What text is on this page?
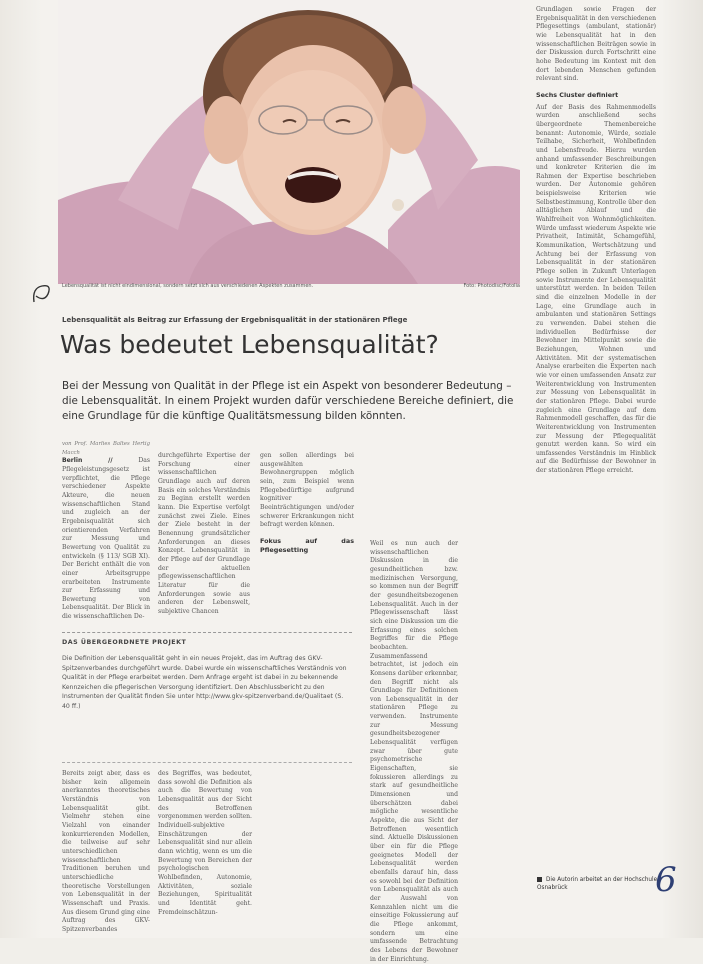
Lebensqualität ist nicht eindimensional, sondern setzt sich aus verschiedenen Aspekten zusammen.	Foto: Photodisc/Fotolia
Lebensqualität als Beitrag zur Erfassung der Ergebnisqualität in der stationären Pflege
Was bedeutet Lebensqualität?
Bei der Messung von Qualität in der Pflege ist ein Aspekt von besonderer Bedeutung – die Lebensqualität. In einem Projekt wurden dafür verschiedene Bereiche definiert, die eine Grundlage für die künftige Qualitätsmessung bilden könnten.

von Prof. Marlies Baltes Hertig Macch

Berlin //	Das Pflegeleistungsgesetz ist verpflichtet, die Pflege verschiedener Aspekte Akteure, die neuen wissenschaftlichen Stand und zugleich an der Ergebnisqualität sich orientierenden Verfahren zur Messung und Bewertung von Qualität zu entwickeln (§ 113/ SGB XI). Der Bericht enthält die von einer Arbeitsgruppe erarbeiteten Instrumente zur Erfassung und Bewertung von Lebensqualität. Der Blick in die wissenschaftlichen De-

durchgeführte Expertise der Forschung einer wissenschaftlichen Grundlage auch auf deren Basis ein solches Verständnis zu Beginn erstellt werden kann. Die Expertise verfolgt zunächst zwei Ziele. Eines der Ziele besteht in der Benennung grundsätzlicher Anforderungen an dieses Konzept. Lebensqualität in der Pflege auf der Grundlage der aktuellen pflegewissenschaftlichen Literatur für die Anforderungen sowie aus anderen der Lebenswelt, subjektive Chancen

DAS ÜBERGEORDNETE PROJEKT
Die Definition der Lebensqualität geht in ein neues Projekt, das im Auftrag des GKV-Spitzenverbandes durchgeführt wurde. Dabei wurde ein wissenschaftliches Verständnis von Qualität in der Pflege erarbeitet werden. Dem Anfrage ergeht ist dabei in zu bekennende Kennzeichen die pflegerischen Versorgung identifiziert. Den Abschlussbericht zu den Instrumenten der Qualität finden Sie unter http://www.gkv-spitzenverband.de/Qualitaet (S. 40 ff.)

Bereits zeigt aber, dass es bisher kein allgemein anerkanntes theoretisches Verständnis von Lebensqualität gibt. Vielmehr stehen eine Vielzahl von einander konkurrierenden Modellen, die teilweise auf sehr unterschiedlichen wissenschaftlichen Traditionen beruhen und unterschiedliche theoretische Vorstellungen von Lebensqualität in der Wissenschaft und Praxis. Aus diesem Grund ging eine Auftrag des GKV-Spitzenverbandes

des Begriffes, was bedeutet, dass sowohl die Definition als auch die Bewertung von Lebensqualität aus der Sicht des Betroffenen vorgenommen werden sollten. Individuell-subjektive Einschätzungen der Lebensqualität sind nur allein dann wichtig, wenn es um die Bewertung von Bereichen der psychologischen Wohlbefinden, Autonomie, Aktivitäten, soziale Beziehungen, Spiritualität und Identität geht. Fremdeinschätzun-

gen sollen allerdings bei ausgewählten Bewohnergruppen möglich sein, zum Beispiel wenn Pflegebedürftige aufgrund kognitiver Beeinträchtigungen und/oder schwerer Erkrankungen nicht befragt werden können.

Fokus auf das Pflegesetting

Weil es nun auch der wissenschaftlichen Diskussion in die gesundheitlichen bzw. medizinischen Versorgung, so kommen nun der Begriff der gesundheitsbezogenen Lebensqualität. Auch in der Pflegewissenschaft lässt sich eine Diskussion um die Erfassung eines solchen Begriffes für die Pflege beobachten. Zusammenfassend betrachtet, ist jedoch ein Konsens darüber erkennbar, den Begriff nicht als Grundlage für Definitionen von Lebensqualität in der stationären Pflege zu verwenden. Instrumente zur Messung gesundheitsbezogener Lebensqualität verfügen zwar über gute psychometrische Eigenschaften, sie fokussieren allerdings zu stark auf gesundheitliche Dimensionen und überschätzen dabei mögliche wesentliche Aspekte, die aus Sicht der Betroffenen wesentlich sind. Aktuelle Diskussionen über ein für die Pflege geeignetes Modell der Lebensqualität werden ebenfalls darauf hin, dass es sowohl bei der Definition von Lebensqualität als auch der Auswahl von Kennzahlen nicht um die einseitige Fokussierung auf die Pflege ankommt, sondern um eine umfassende Betrachtung des Lebens der Bewohner in der Einrichtung.

Grundlagen sowie Fragen der Ergebnisqualität in den verschiedenen Pflegesettings (ambulant, stationär) wie Lebensqualität hat in den wissenschaftlichen Beiträgen sowie in der Diskussion durch Fortschritt eine hohe Bedeutung im Kontext mit den dort lebenden Menschen gefunden relevant sind.

Sechs Cluster definiert

Auf der Basis des Rahmenmodells wurden anschließend sechs übergeordnete Themenbereiche benannt: Autonomie, Würde, soziale Teilhabe, Sicherheit, Wohlbefinden und Lebensfreude. Hierzu wurden anhand umfassender Beschreibungen und konkreter Kriterien die im Rahmen der Expertise beschrieben wurden. Der Autonomie gehören beispielsweise Kriterien wie Selbstbestimmung, Kontrolle über den alltäglichen Ablauf und die Wahlfreiheit von Wohnmöglichkeiten. Würde umfasst wiederum Aspekte wie Privatheit, Intimität, Schamgefühl, Kommunikation, Wertschätzung und Achtung bei der Erfassung von Lebensqualität in der stationären Pflege sollen in Zukunft Unterlagen sowie Instrumente der Lebensqualität unterstützt werden. In beiden Teilen sind die einzelnen Modelle in der Lage, eine Grundlage auch in ambulanten und stationären Settings zu verwenden. Dabei stehen die individuellen Bedürfnisse der Bewohner im Mittelpunkt sowie die Beziehungen, Wohnen und Aktivitäten. Mit der systematischen Analyse erarbeiten die Experten nach wie vor einen umfassenden Ansatz zur Weiterentwicklung von Instrumenten zur Messung von Lebensqualität in der stationären Pflege. Dabei wurde zugleich eine Grundlage auf dem Rahmenmodell geschaffen, das für die Weiterentwicklung von Instrumenten zur Messung der Pflegequalität genutzt werden kann. So wird ein umfassendes Verständnis im Hinblick auf die Bedürfnisse der Bewohner in der stationären Pflege erreicht.

Die Autorin arbeitet an der Hochschule Osnabrück	6
